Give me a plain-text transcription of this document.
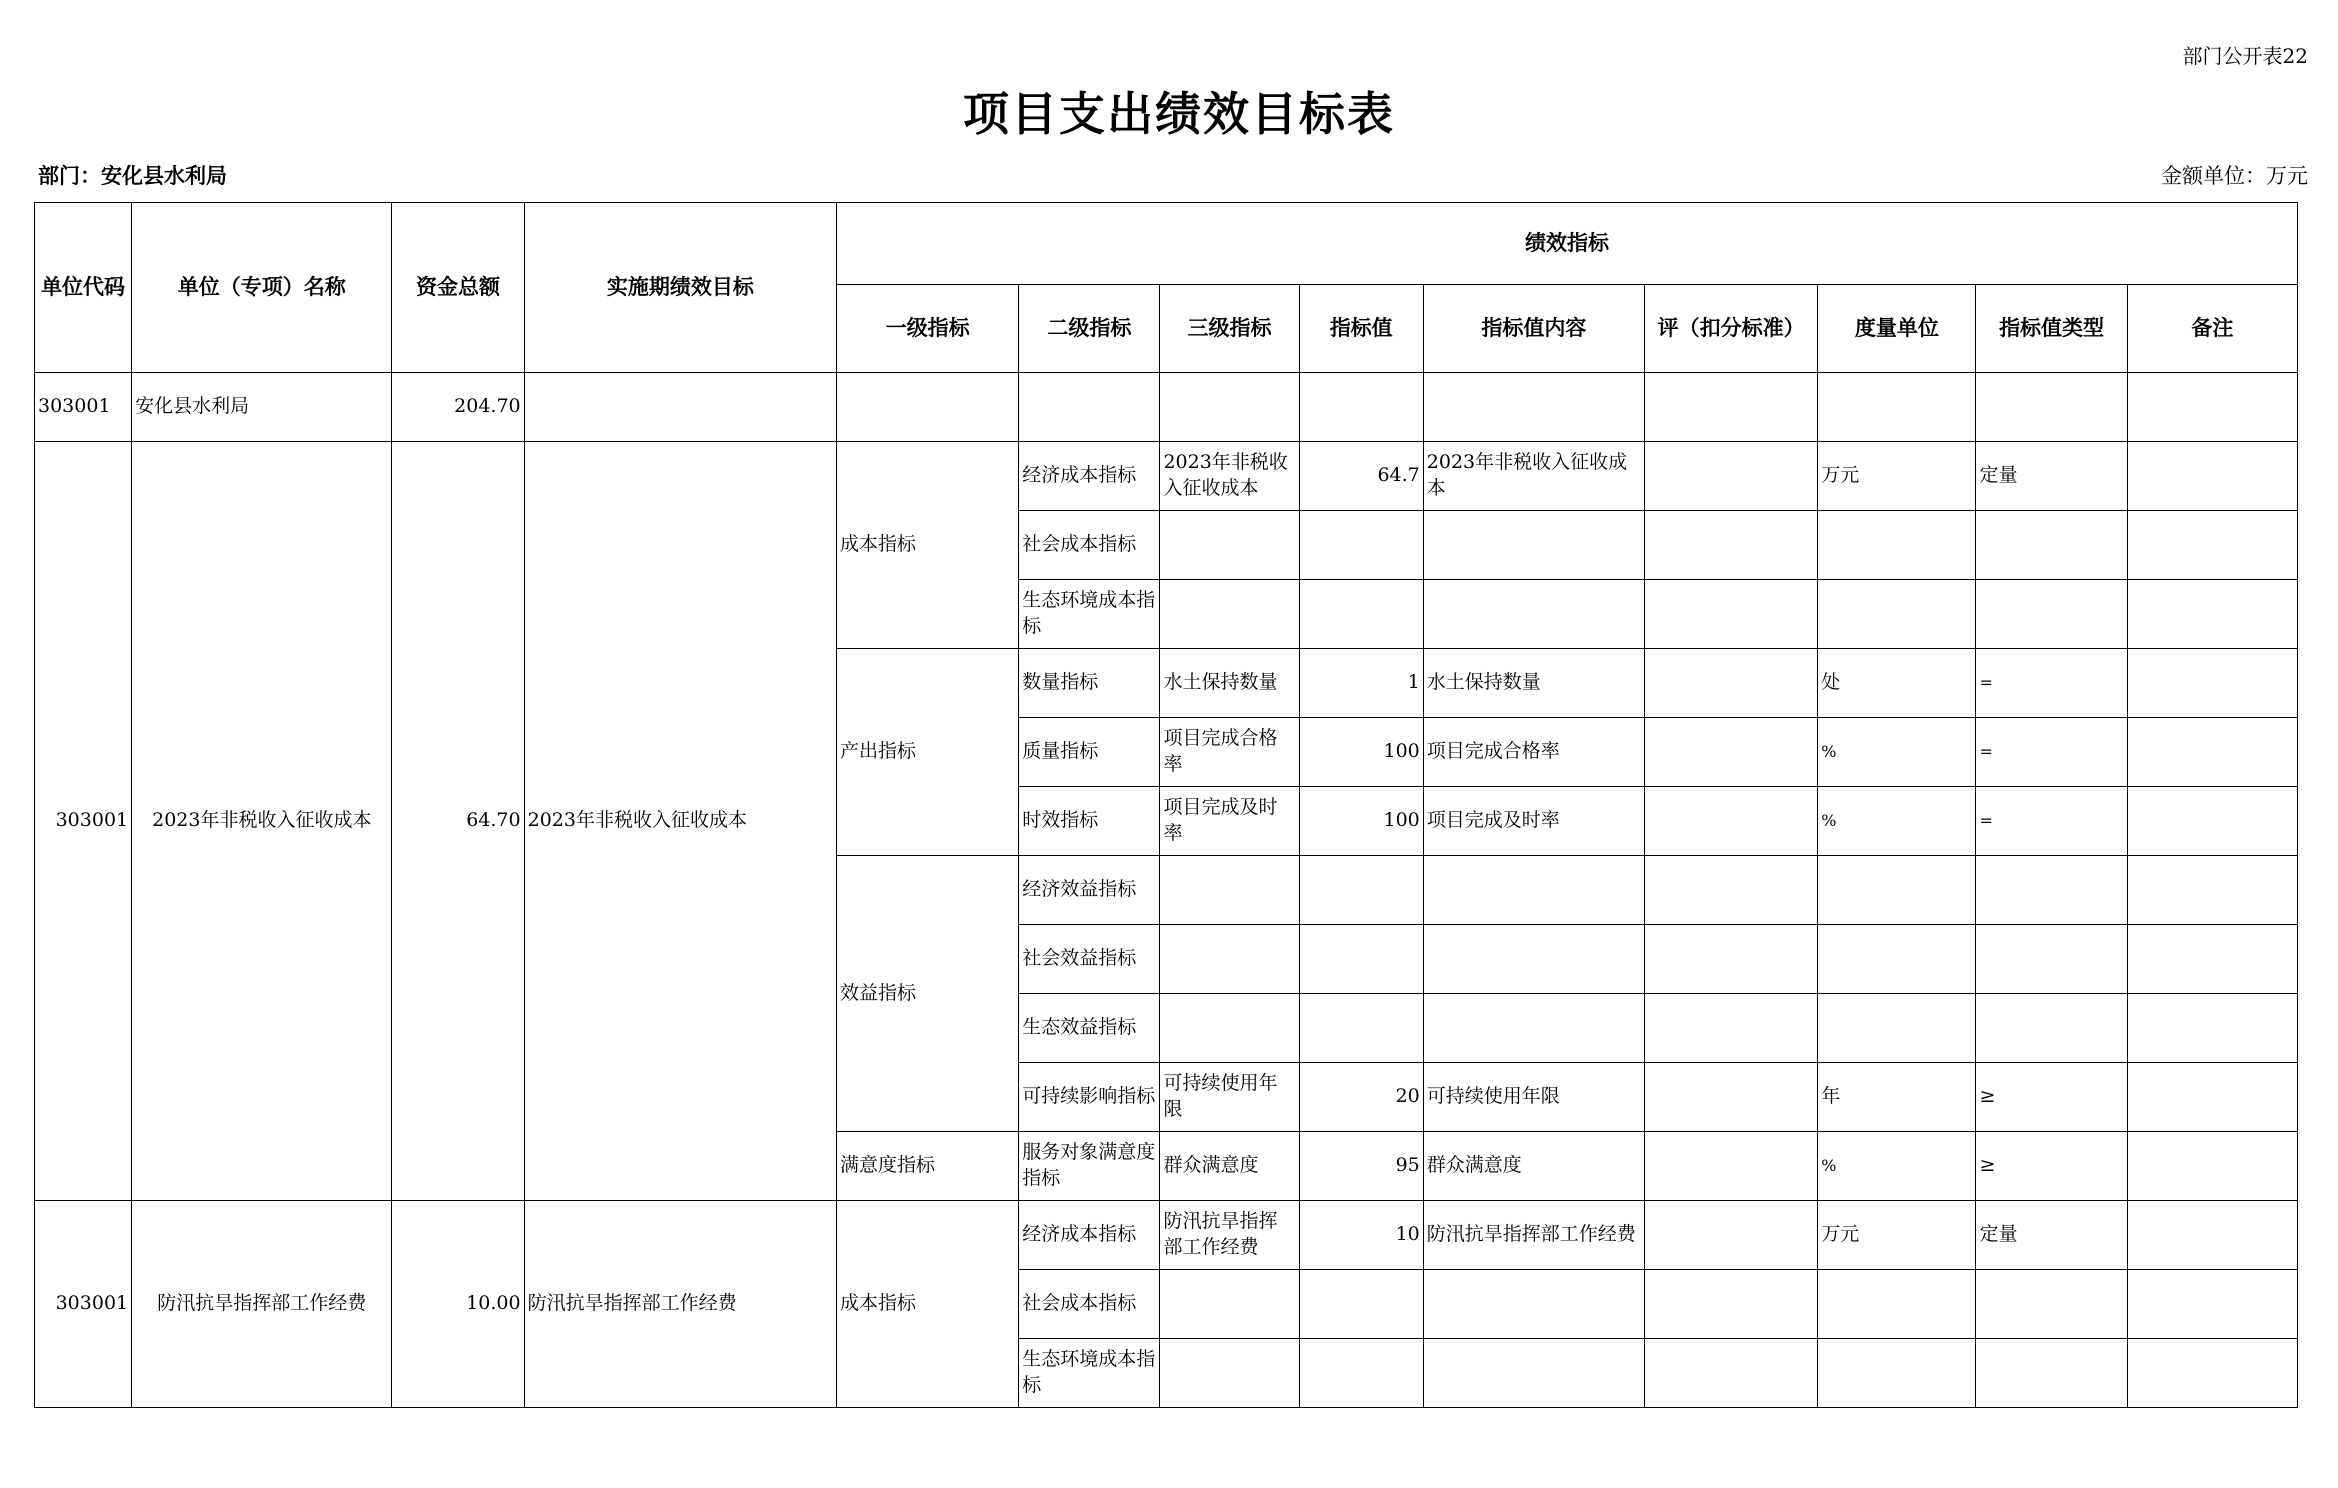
部门公开表22
项目支出绩效目标表
部门：安化县水利局	金额单位：万元
单位代码	单位（专项）名称	资金总额	实施期绩效目标	绩效指标								
				一级指标	二级指标	三级指标	指标值	指标值内容	评（扣分标准）	度量单位	指标值类型	备注
303001	安化县水利局	204.70										
303001	2023年非税收入征收成本	64.70	2023年非税收入征收成本	成本指标	经济成本指标	2023年非税收入征收成本	64.7	2023年非税收入征收成本		万元	定量	
					社会成本指标							
					生态环境成本指标							
				产出指标	数量指标	水土保持数量	1	水土保持数量		处	=	
					质量指标	项目完成合格率	100	项目完成合格率		%	=	
					时效指标	项目完成及时率	100	项目完成及时率		%	=	
				效益指标	经济效益指标							
					社会效益指标							
					生态效益指标							
					可持续影响指标	可持续使用年限	20	可持续使用年限		年	≥	
				满意度指标	服务对象满意度指标	群众满意度	95	群众满意度		%	≥	
303001	防汛抗旱指挥部工作经费	10.00	防汛抗旱指挥部工作经费	成本指标	经济成本指标	防汛抗旱指挥部工作经费	10	防汛抗旱指挥部工作经费		万元	定量	
					社会成本指标							
					生态环境成本指标							
